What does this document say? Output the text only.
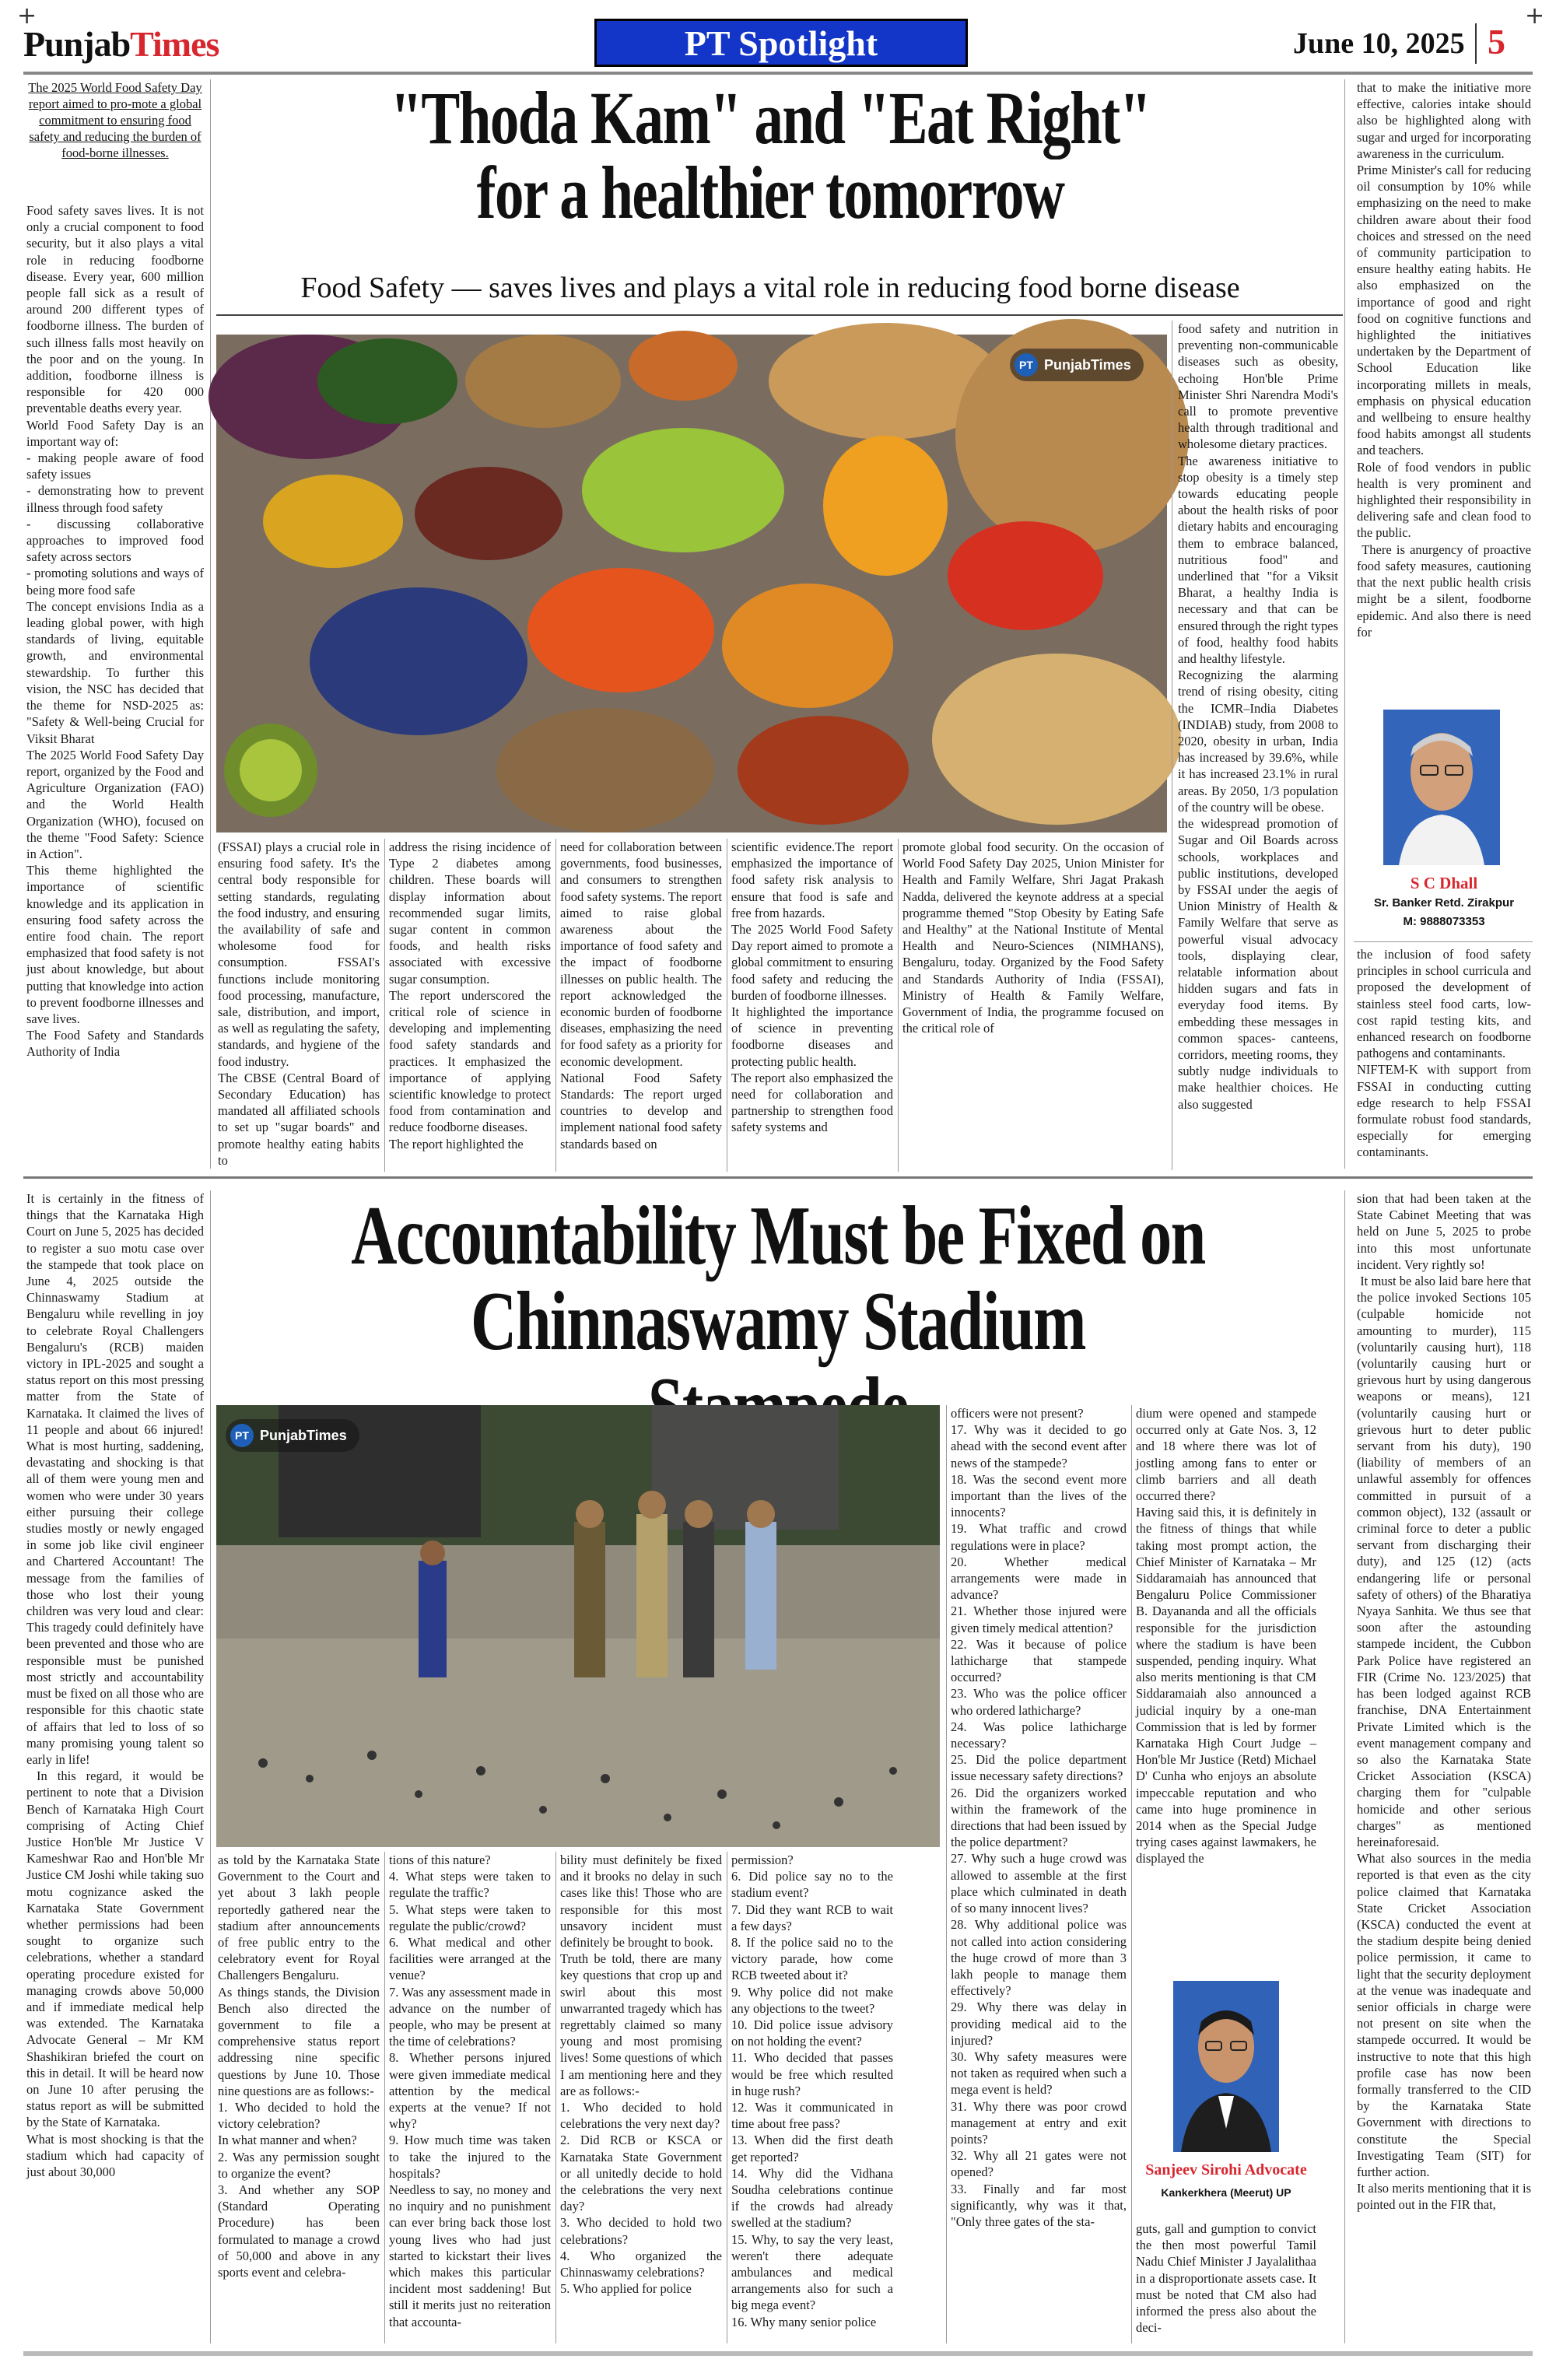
+	+
PunjabTimes	PT Spotlight	June 10, 2025 5
The 2025 World Food Safety Day report aimed to pro-mote a global commitment to ensuring food safety and reducing the burden of food-borne illnesses.
Food safety saves lives. It is not only a crucial component to food security, but it also plays a vital role in reducing foodborne disease. Every year, 600 million people fall sick as a result of around 200 different types of foodborne illness. The burden of such illness falls most heavily on the poor and on the young. In addition, foodborne illness is responsible for 420 000 preventable deaths every year.
World Food Safety Day is an important way of:
- making people aware of food safety issues
- demonstrating how to prevent illness through food safety
- discussing collaborative approaches to improved food safety across sectors
- promoting solutions and ways of being more food safe
The concept envisions India as a leading global power, with high standards of living, equitable growth, and environmental stewardship. To further this vision, the NSC has decided that the theme for NSD-2025 as: "Safety & Well-being Crucial for Viksit Bharat
The 2025 World Food Safety Day report, organized by the Food and Agriculture Organization (FAO) and the World Health Organization (WHO), focused on the theme "Food Safety: Science in Action".
This theme highlighted the importance of scientific knowledge and its application in ensuring food safety across the entire food chain. The report emphasized that food safety is not just about knowledge, but about putting that knowledge into action to prevent foodborne illnesses and save lives.
The Food Safety and Standards Authority of India
"Thoda Kam" and "Eat Right"
for a healthier tomorrow
Food Safety — saves lives and plays a vital role in reducing food borne disease
PT PunjabTimes
(FSSAI) plays a crucial role in ensuring food safety. It's the central body responsible for setting standards, regulating the food industry, and ensuring the availability of safe and wholesome food for consumption. FSSAI's functions include monitoring food processing, manufacture, sale, distribution, and import, as well as regulating the safety, standards, and hygiene of the food industry.
The CBSE (Central Board of Secondary Education) has mandated all affiliated schools to set up "sugar boards" and promote healthy eating habits to
address the rising incidence of Type 2 diabetes among children. These boards will display information about recommended sugar limits, sugar content in common foods, and health risks associated with excessive sugar consumption.
The report underscored the critical role of science in developing and implementing food safety standards and practices. It emphasized the importance of applying scientific knowledge to protect food from contamination and reduce foodborne diseases.
The report highlighted the
need for collaboration between governments, food businesses, and consumers to strengthen food safety systems. The report aimed to raise global awareness about the importance of food safety and the impact of foodborne illnesses on public health. The report acknowledged the economic burden of foodborne diseases, emphasizing the need for food safety as a priority for economic development.
National Food Safety Standards: The report urged countries to develop and implement national food safety standards based on
scientific evidence.The report emphasized the importance of food safety risk analysis to ensure that food is safe and free from hazards.
The 2025 World Food Safety Day report aimed to promote a global commitment to ensuring food safety and reducing the burden of foodborne illnesses.
It highlighted the importance of science in preventing foodborne diseases and protecting public health.
The report also emphasized the need for collaboration and partnership to strengthen food safety systems and
promote global food security. On the occasion of World Food Safety Day 2025, Union Minister for Health and Family Welfare, Shri Jagat Prakash Nadda, delivered the keynote address at a special programme themed "Stop Obesity by Eating Safe and Healthy" at the National Institute of Mental Health and Neuro-Sciences (NIMHANS), Bengaluru, today. Organized by the Food Safety and Standards Authority of India (FSSAI), Ministry of Health & Family Welfare, Government of India, the programme focused on the critical role of
food safety and nutrition in preventing non-communicable diseases such as obesity, echoing Hon'ble Prime Minister Shri Narendra Modi's call to promote preventive health through traditional and wholesome dietary practices.
The awareness initiative to stop obesity is a timely step towards educating people about the health risks of poor dietary habits and encouraging them to embrace balanced, nutritious food" and underlined that "for a Viksit Bharat, a healthy India is necessary and that can be ensured through the right types of food, healthy food habits and healthy lifestyle.
Recognizing the alarming trend of rising obesity, citing the ICMR–India Diabetes (INDIAB) study, from 2008 to 2020, obesity in urban, India has increased by 39.6%, while it has increased 23.1% in rural areas. By 2050, 1/3 population of the country will be obese.
the widespread promotion of Sugar and Oil Boards across schools, workplaces and public institutions, developed by FSSAI under the aegis of Union Ministry of Health & Family Welfare that serve as powerful visual advocacy tools, displaying clear, relatable information about hidden sugars and fats in everyday food items. By embedding these messages in common spaces- canteens, corridors, meeting rooms, they subtly nudge individuals to make healthier choices. He also suggested
that to make the initiative more effective, calories intake should also be highlighted along with sugar and urged for incorporating awareness in the curriculum.
Prime Minister's call for reducing oil consumption by 10% while emphasizing on the need to make children aware about their food choices and stressed on the need of community participation to ensure healthy eating habits. He also emphasized on the importance of good and right food on cognitive functions and highlighted the initiatives undertaken by the Department of School Education like incorporating millets in meals, emphasis on physical education and wellbeing to ensure healthy food habits amongst all students and teachers.
Role of food vendors in public health is very prominent and highlighted their responsibility in delivering safe and clean food to the public.
There is anurgency of proactive food safety measures, cautioning that the next public health crisis might be a silent, foodborne epidemic. And also there is need for
S C Dhall
Sr. Banker Retd. Zirakpur
M: 9888073353
the inclusion of food safety principles in school curricula and proposed the development of stainless steel food carts, low-cost rapid testing kits, and enhanced research on foodborne pathogens and contaminants.
NIFTEM-K with support from FSSAI in conducting cutting edge research to help FSSAI formulate robust food standards, especially for emerging contaminants.
It is certainly in the fitness of things that the Karnataka High Court on June 5, 2025 has decided to register a suo motu case over the stampede that took place on June 4, 2025 outside the Chinnaswamy Stadium at Bengaluru while revelling in joy to celebrate Royal Challengers Bengaluru's (RCB) maiden victory in IPL-2025 and sought a status report on this most pressing matter from the State of Karnataka. It claimed the lives of 11 people and about 66 injured! What is most hurting, saddening, devastating and shocking is that all of them were young men and women who were under 30 years either pursuing their college studies mostly or newly engaged in some job like civil engineer and Chartered Accountant! The message from the families of those who lost their young children was very loud and clear: This tragedy could definitely have been prevented and those who are responsible must be punished most strictly and accountability must be fixed on all those who are responsible for this chaotic state of affairs that led to loss of so many promising young talent so early in life!
In this regard, it would be pertinent to note that a Division Bench of Karnataka High Court comprising of Acting Chief Justice Hon'ble Mr Justice V Kameshwar Rao and Hon'ble Mr Justice CM Joshi while taking suo motu cognizance asked the Karnataka State Government whether permissions had been sought to organize such celebrations, whether a standard operating procedure existed for managing crowds above 50,000 and if immediate medical help was extended. The Karnataka Advocate General – Mr KM Shashikiran briefed the court on this in detail. It will be heard now on June 10 after perusing the status report as will be submitted by the State of Karnataka.
What is most shocking is that the stadium which had capacity of just about 30,000
Accountability Must be Fixed on
Chinnaswamy Stadium
PT PunjabTimes
as told by the Karnataka State Government to the Court and yet about 3 lakh people reportedly gathered near the stadium after announcements of free public entry to the celebratory event for Royal Challengers Bengaluru.
As things stands, the Division Bench also directed the government to file a comprehensive status report addressing nine specific questions by June 10. Those nine questions are as follows:-
1. Who decided to hold the victory celebration?
In what manner and when?
2. Was any permission sought to organize the event?
3. And whether any SOP (Standard Operating Procedure) has been formulated to manage a crowd of 50,000 and above in any sports event and celebra-
tions of this nature?
4. What steps were taken to regulate the traffic?
5. What steps were taken to regulate the public/crowd?
6. What medical and other facilities were arranged at the venue?
7. Was any assessment made in advance on the number of people, who may be present at the time of celebrations?
8. Whether persons injured were given immediate medical attention by the medical experts at the venue? If not why?
9. How much time was taken to take the injured to the hospitals?
Needless to say, no money and no inquiry and no punishment can ever bring back those lost young lives who had just started to kickstart their lives which makes this particular incident most saddening! But still it merits just no reiteration that accounta-
bility must definitely be fixed and it brooks no delay in such cases like this! Those who are responsible for this most unsavory incident must definitely be brought to book.
Truth be told, there are many key questions that crop up and swirl about this most unwarranted tragedy which has regrettably claimed so many young and most promising lives! Some questions of which I am mentioning here and they are as follows:-
1. Who decided to hold celebrations the very next day?
2. Did RCB or KSCA or Karnataka State Government or all unitedly decide to hold the celebrations the very next day?
3. Who decided to hold two celebrations?
4. Who organized the Chinnaswamy celebrations?
5. Who applied for police
permission?
6. Did police say no to the stadium event?
7. Did they want RCB to wait a few days?
8. If the police said no to the victory parade, how come RCB tweeted about it?
9. Why police did not make any objections to the tweet?
10. Did police issue advisory on not holding the event?
11. Who decided that passes would be free which resulted in huge rush?
12. Was it communicated in time about free pass?
13. When did the first death get reported?
14. Why did the Vidhana Soudha celebrations continue if the crowds had already swelled at the stadium?
15. Why, to say the very least, weren't there adequate ambulances and medical arrangements also for such a big mega event?
16. Why many senior police
officers were not present?
17. Why was it decided to go ahead with the second event after news of the stampede?
18. Was the second event more important than the lives of the innocents?
19. What traffic and crowd regulations were in place?
20. Whether medical arrangements were made in advance?
21. Whether those injured were given timely medical attention?
22. Was it because of police lathicharge that stampede occurred?
23. Who was the police officer who ordered lathicharge?
24. Was police lathicharge necessary?
25. Did the police department issue necessary safety directions?
26. Did the organizers worked within the framework of the directions that had been issued by the police department?
27. Why such a huge crowd was allowed to assemble at the first place which culminated in death of so many innocent lives?
28. Why additional police was not called into action considering the huge crowd of more than 3 lakh people to manage them effectively?
29. Why there was delay in providing medical aid to the injured?
30. Why safety measures were not taken as required when such a mega event is held?
31. Why there was poor crowd management at entry and exit points?
32. Why all 21 gates were not opened?
33. Finally and far most significantly, why was it that, "Only three gates of the sta-
dium were opened and stampede occurred only at Gate Nos. 3, 12 and 18 where there was lot of jostling among fans to enter or climb barriers and all death occurred there?
Having said this, it is definitely in the fitness of things that while taking most prompt action, the Chief Minister of Karnataka – Mr Siddaramaiah has announced that Bengaluru Police Commissioner B. Dayananda and all the officials responsible for the jurisdiction where the stadium is have been suspended, pending inquiry. What also merits mentioning is that CM Siddaramaiah also announced a judicial inquiry by a one-man Commission that is led by former Karnataka High Court Judge – Hon'ble Mr Justice (Retd) Michael D' Cunha who enjoys an absolute impeccable reputation and who came into huge prominence in 2014 when as the Special Judge trying cases against lawmakers, he displayed the
Sanjeev Sirohi Advocate
Kankerkhera (Meerut) UP
guts, gall and gumption to convict the then most powerful Tamil Nadu Chief Minister J Jayalalithaa in a disproportionate assets case. It must be noted that CM also had informed the press also about the deci-
sion that had been taken at the State Cabinet Meeting that was held on June 5, 2025 to probe into this most unfortunate incident. Very rightly so!
It must be also laid bare here that the police invoked Sections 105 (culpable homicide not amounting to murder), 115 (voluntarily causing hurt), 118 (voluntarily causing hurt or grievous hurt by using dangerous weapons or means), 121 (voluntarily causing hurt or grievous hurt to deter public servant from his duty), 190 (liability of members of an unlawful assembly for offences committed in pursuit of a common object), 132 (assault or criminal force to deter a public servant from discharging their duty), and 125 (12) (acts endangering life or personal safety of others) of the Bharatiya Nyaya Sanhita. We thus see that soon after the astounding stampede incident, the Cubbon Park Police have registered an FIR (Crime No. 123/2025) that has been lodged against RCB franchise, DNA Entertainment Private Limited which is the event management company and so also the Karnataka State Cricket Association (KSCA) charging them for "culpable homicide and other serious charges" as mentioned hereinaforesaid.
What also sources in the media reported is that even as the city police claimed that Karnataka State Cricket Association (KSCA) conducted the event at the stadium despite being denied police permission, it came to light that the security deployment at the venue was inadequate and senior officials in charge were not present on site when the stampede occurred. It would be instructive to note that this high profile case has now been formally transferred to the CID by the Karnataka State Government with directions to constitute the Special Investigating Team (SIT) for further action.
It also merits mentioning that it is pointed out in the FIR that,
